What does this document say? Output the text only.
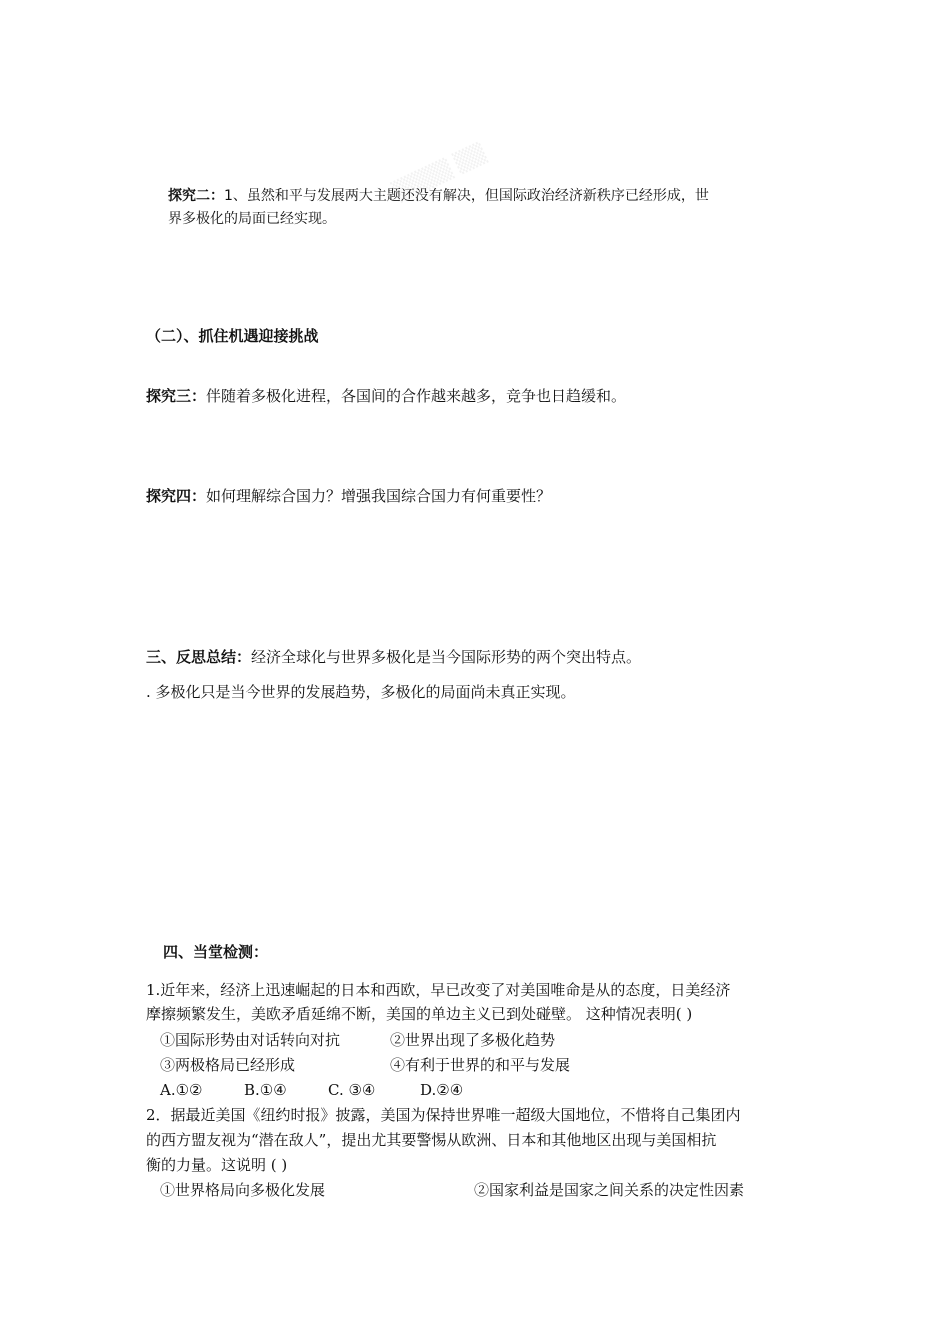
▒▒▒▒ ▒▒
探究二：1、虽然和平与发展两大主题还没有解决，但国际政治经济新秩序已经形成，世
界多极化的局面已经实现。
（二）、抓住机遇迎接挑战
探究三：伴随着多极化进程，各国间的合作越来越多，竞争也日趋缓和。
探究四：如何理解综合国力？增强我国综合国力有何重要性？
三、反思总结：经济全球化与世界多极化是当今国际形势的两个突出特点。
. 多极化只是当今世界的发展趋势，多极化的局面尚未真正实现。
四、当堂检测：
1.近年来，经济上迅速崛起的日本和西欧，早已改变了对美国唯命是从的态度，日美经济
摩擦频繁发生，美欧矛盾延绵不断，美国的单边主义已到处碰壁。 这种情况表明( )
①国际形势由对话转向对抗	②世界出现了多极化趋势
③两极格局已经形成	④有利于世界的和平与发展
A.①②	B.①④	C. ③④	D.②④
2．据最近美国《纽约时报》披露，美国为保持世界唯一超级大国地位，不惜将自己集团内
的西方盟友视为“潜在敌人”，提出尤其要警惕从欧洲、日本和其他地区出现与美国相抗
衡的力量。这说明 ( )
①世界格局向多极化发展	②国家利益是国家之间关系的决定性因素
